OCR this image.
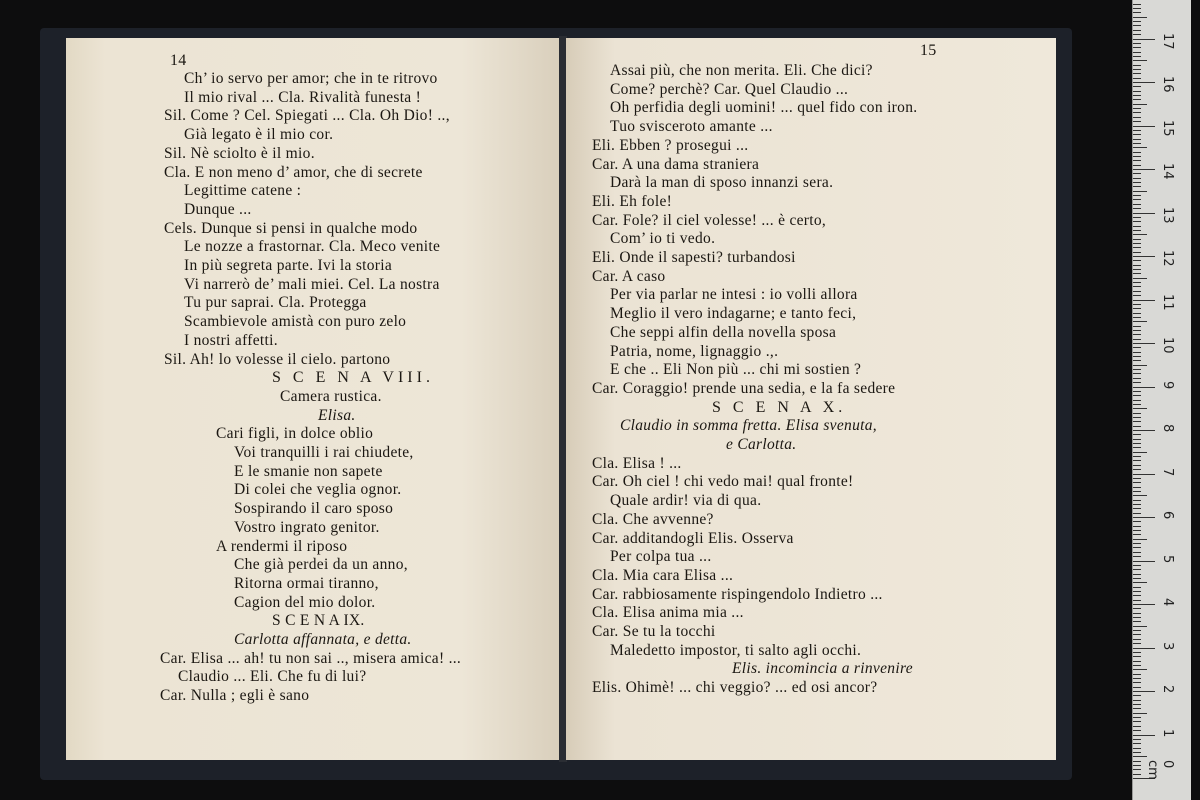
14
Ch’ io servo per amor; che in te ritrovo
Il mio rival ... Cla. Rivalità funesta !
Sil. Come ? Cel. Spiegati ... Cla. Oh Dio! ..,
Già legato è il mio cor.
Sil. Nè sciolto è il mio.
Cla. E non meno d’ amor, che di secrete
Legittime catene :
Dunque ...
Cels. Dunque si pensi in qualche modo
Le nozze a frastornar. Cla. Meco venite
In più segreta parte. Ivi la storia
Vi narrerò de’ mali miei. Cel. La nostra
Tu pur saprai. Cla. Protegga
Scambievole amistà con puro zelo
I nostri affetti.
Sil. Ah! lo volesse il cielo. partono
S C E N A VIII.
Camera rustica.
Elisa.
Cari figli, in dolce oblio
Voi tranquilli i rai chiudete,
E le smanie non sapete
Di colei che veglia ognor.
Sospirando il caro sposo
Vostro ingrato genitor.
A rendermi il riposo
Che già perdei da un anno,
Ritorna ormai tiranno,
Cagion del mio dolor.
S C E N A IX.
Carlotta affannata, e detta.
Car. Elisa ... ah! tu non sai .., misera amica! ...
Claudio ... Eli. Che fu di lui?
Car. Nulla ; egli è sano
15
Assai più, che non merita. Eli. Che dici?
Come? perchè? Car. Quel Claudio ...
Oh perfidia degli uomini! ... quel fido con iron.
Tuo svisceroto amante ...
Eli. Ebben ? prosegui ...
Car. A una dama straniera
Darà la man di sposo innanzi sera.
Eli. Eh fole!
Car. Fole? il ciel volesse! ... è certo,
Com’ io ti vedo.
Eli. Onde il sapesti? turbandosi
Car. A caso
Per via parlar ne intesi : io volli allora
Meglio il vero indagarne; e tanto feci,
Che seppi alfin della novella sposa
Patria, nome, lignaggio .,.
E che .. Eli Non più ... chi mi sostien ?
Car. Coraggio! prende una sedia, e la fa sedere
S C E N A X.
Claudio in somma fretta. Elisa svenuta,
e Carlotta.
Cla. Elisa ! ...
Car. Oh ciel ! chi vedo mai! qual fronte!
Quale ardir! via di qua.
Cla. Che avvenne?
Car. additandogli Elis. Osserva
Per colpa tua ...
Cla. Mia cara Elisa ...
Car. rabbiosamente rispingendolo Indietro ...
Cla. Elisa anima mia ...
Car. Se tu la tocchi
Maledetto impostor, ti salto agli occhi.
Elis. incomincia a rinvenire
Elis. Ohimè! ... chi veggio? ... ed osi ancor?
0 cm
1
2
3
4
5
6
7
8
9
10
11
12
13
14
15
16
17
